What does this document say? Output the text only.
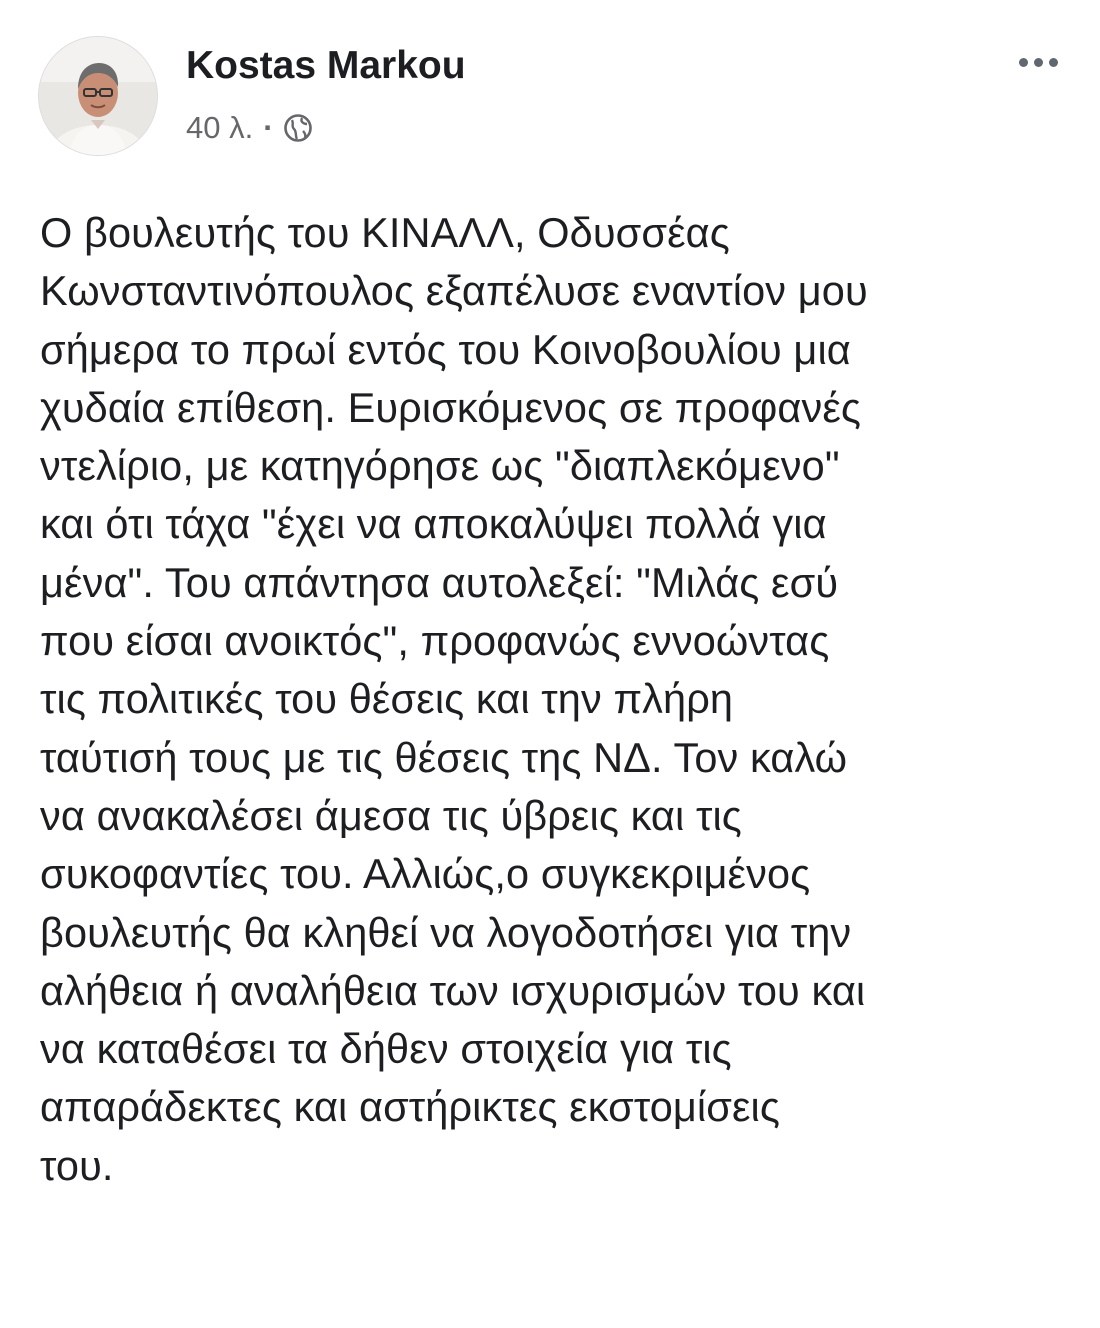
Kostas Markou
40 λ. ·
Ο βουλευτής του ΚΙΝΑΛΛ, Οδυσσέας
Κωνσταντινόπουλος εξαπέλυσε εναντίον μου
σήμερα το πρωί εντός του Κοινοβουλίου μια
χυδαία επίθεση. Ευρισκόμενος σε προφανές
ντελίριο, με κατηγόρησε ως "διαπλεκόμενο"
και ότι τάχα "έχει να αποκαλύψει πολλά για
μένα". Του απάντησα αυτολεξεί: "Μιλάς εσύ
που είσαι ανοικτός", προφανώς εννοώντας
τις πολιτικές του θέσεις και την πλήρη
ταύτισή τους με τις θέσεις της ΝΔ. Τον καλώ
να ανακαλέσει άμεσα τις ύβρεις και τις
συκοφαντίες του. Αλλιώς,ο συγκεκριμένος
βουλευτής θα κληθεί να λογοδοτήσει για την
αλήθεια ή αναλήθεια των ισχυρισμών του και
να καταθέσει τα δήθεν στοιχεία για τις
απαράδεκτες και αστήρικτες εκστομίσεις
του.
